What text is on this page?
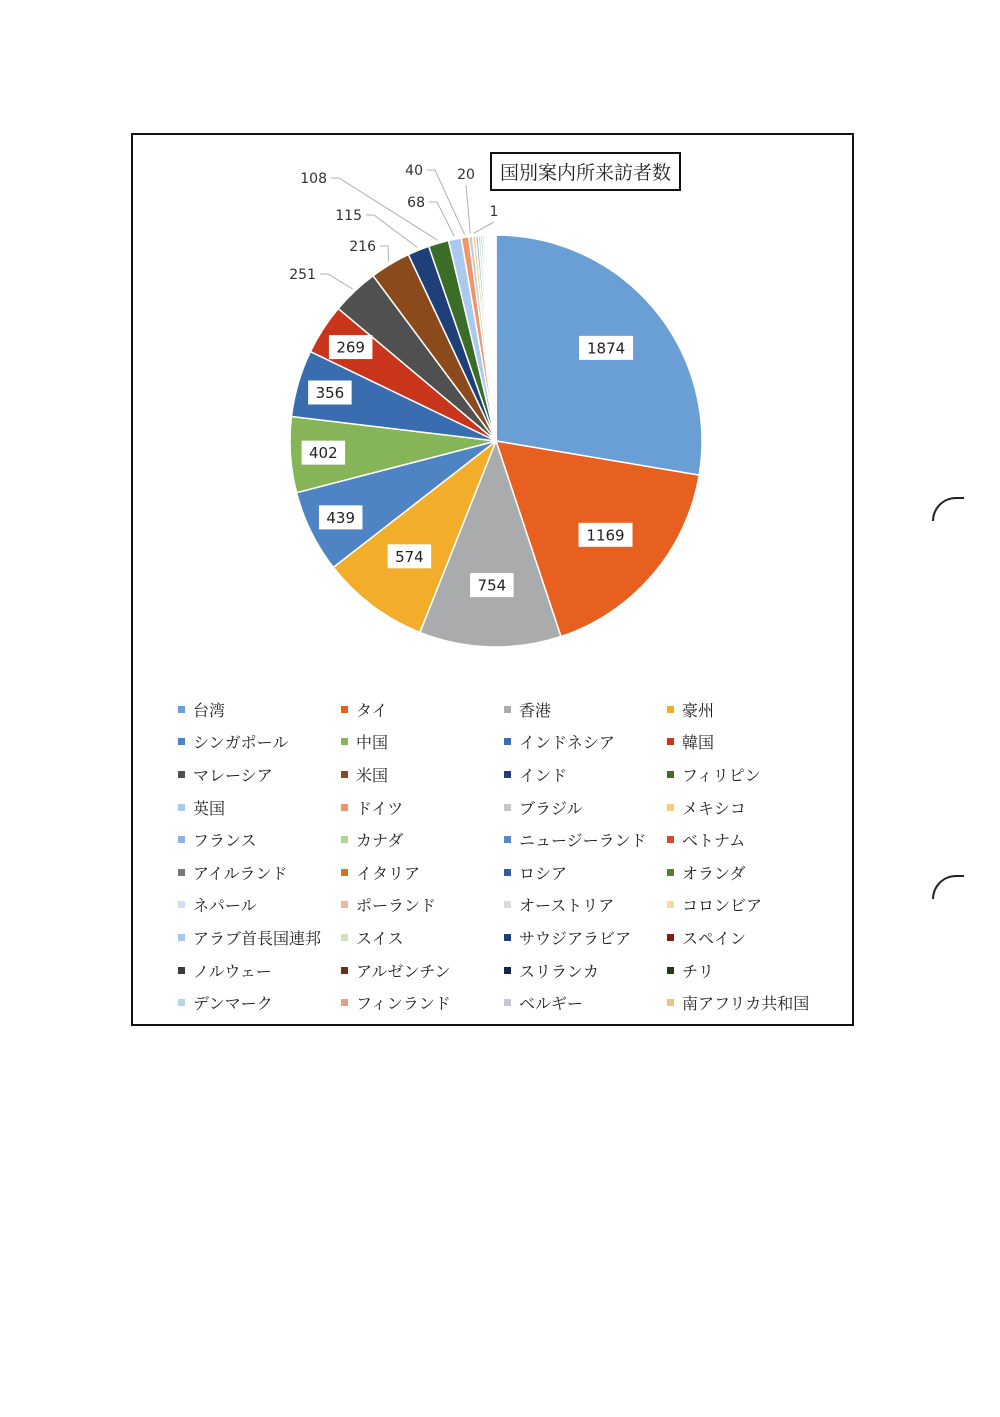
1874
1169
754
574
439
402
356
269
251
216
115
108
68
40 20
1
国別案内所来訪者数
台湾	タイ	香港	豪州
シンガポール	中国	インドネシア	韓国
マレーシア	米国	インド	フィリピン
英国	ドイツ	ブラジル	メキシコ
フランス	カナダ	ニュージーランド ベトナム
アイルランド	イタリア	ロシア	オランダ
ネパール	ポーランド	オーストリア	コロンビア
アラブ首長国連邦 スイス	サウジアラビア	スペイン
ノルウェー	アルゼンチン	スリランカ	チリ
デンマーク	フィンランド	ベルギー	南アフリカ共和国
